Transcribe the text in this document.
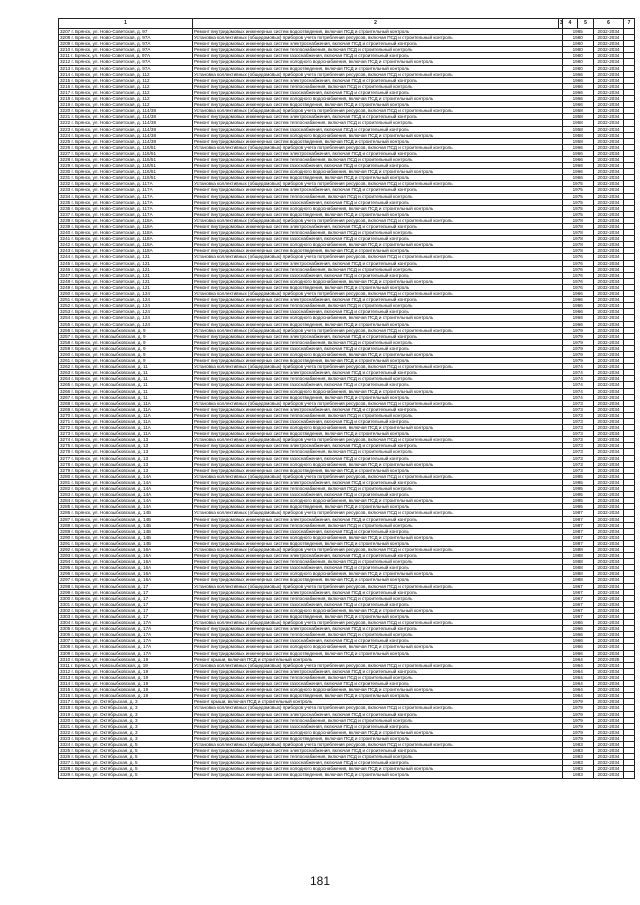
1	2	3	4	5	6	7
3207 г. Брянск, ул. Ново-Советская, д. 97	Ремонт внутридомовых инженерных систем водоотведения, включая ПСД и строительный контроль		1965		2032-2034	
3208 г. Брянск, ул. Ново-Советская, д. 97А	Установка коллективных (общедомовых) приборов учета потребления ресурсов, включая ПСД и строительный контроль		1980		2032-2034	
3209 г. Брянск, ул. Ново-Советская, д. 97А	Ремонт внутридомовых инженерных систем электроснабжения, включая ПСД и строительный контроль		1980		2032-2034	
3210 г. Брянск, ул. Ново-Советская, д. 97А	Ремонт внутридомовых инженерных систем теплоснабжения, включая ПСД и строительный контроль		1980		2032-2034	
3211 г. Брянск, ул. Ново-Советская, д. 97А	Ремонт внутридомовых инженерных систем газоснабжения, включая ПСД и строительный контроль		1980		2032-2034	
3212 г. Брянск, ул. Ново-Советская, д. 97А	Ремонт внутридомовых инженерных систем холодного водоснабжения, включая ПСД и строительный контроль		1980		2032-2034	
3213 г. Брянск, ул. Ново-Советская, д. 97А	Ремонт внутридомовых инженерных систем водоотведения, включая ПСД и строительный контроль		1980		2032-2034	
3214 г. Брянск, ул. Ново-Советская, д. 112	Установка коллективных (общедомовых) приборов учета потребления ресурсов, включая ПСД и строительный контроль		1966		2032-2034	
3215 г. Брянск, ул. Ново-Советская, д. 112	Ремонт внутридомовых инженерных систем электроснабжения, включая ПСД и строительный контроль		1966		2032-2034	
3216 г. Брянск, ул. Ново-Советская, д. 112	Ремонт внутридомовых инженерных систем теплоснабжения, включая ПСД и строительный контроль		1966		2032-2034	
3217 г. Брянск, ул. Ново-Советская, д. 112	Ремонт внутридомовых инженерных систем газоснабжения, включая ПСД и строительный контроль		1966		2032-2034	
3218 г. Брянск, ул. Ново-Советская, д. 112	Ремонт внутридомовых инженерных систем холодного водоснабжения, включая ПСД и строительный контроль		1966		2032-2034	
3219 г. Брянск, ул. Ново-Советская, д. 112	Ремонт внутридомовых инженерных систем водоотведения, включая ПСД и строительный контроль		1966		2032-2034	
3220 г. Брянск, ул. Ново-Советская, д. 114/38	Установка коллективных (общедомовых) приборов учета потребления ресурсов, включая ПСД и строительный контроль		1958		2032-2034	
3221 г. Брянск, ул. Ново-Советская, д. 114/38	Ремонт внутридомовых инженерных систем электроснабжения, включая ПСД и строительный контроль		1958		2032-2034	
3222 г. Брянск, ул. Ново-Советская, д. 114/38	Ремонт внутридомовых инженерных систем теплоснабжения, включая ПСД и строительный контроль		1958		2032-2034	
3223 г. Брянск, ул. Ново-Советская, д. 114/38	Ремонт внутридомовых инженерных систем газоснабжения, включая ПСД и строительный контроль		1958		2032-2034	
3224 г. Брянск, ул. Ново-Советская, д. 114/38	Ремонт внутридомовых инженерных систем холодного водоснабжения, включая ПСД и строительный контроль		1958		2032-2034	
3225 г. Брянск, ул. Ново-Советская, д. 114/38	Ремонт внутридомовых инженерных систем водоотведения, включая ПСД и строительный контроль		1958		2032-2034	
3226 г. Брянск, ул. Ново-Советская, д. 116/51	Установка коллективных (общедомовых) приборов учета потребления ресурсов, включая ПСД и строительный контроль		1966		2032-2034	
3227 г. Брянск, ул. Ново-Советская, д. 116/51	Ремонт внутридомовых инженерных систем электроснабжения, включая ПСД и строительный контроль		1966		2032-2034	
3228 г. Брянск, ул. Ново-Советская, д. 116/51	Ремонт внутридомовых инженерных систем теплоснабжения, включая ПСД и строительный контроль		1966		2032-2034	
3229 г. Брянск, ул. Ново-Советская, д. 116/51	Ремонт внутридомовых инженерных систем газоснабжения, включая ПСД и строительный контроль		1966		2032-2034	
3230 г. Брянск, ул. Ново-Советская, д. 116/51	Ремонт внутридомовых инженерных систем холодного водоснабжения, включая ПСД и строительный контроль		1966		2032-2034	
3231 г. Брянск, ул. Ново-Советская, д. 116/51	Ремонт внутридомовых инженерных систем водоотведения, включая ПСД и строительный контроль		1966		2032-2034	
3232 г. Брянск, ул. Ново-Советская, д. 117А	Установка коллективных (общедомовых) приборов учета потребления ресурсов, включая ПСД и строительный контроль		1975		2032-2034	
3233 г. Брянск, ул. Ново-Советская, д. 117А	Ремонт внутридомовых инженерных систем электроснабжения, включая ПСД и строительный контроль		1975		2032-2034	
3234 г. Брянск, ул. Ново-Советская, д. 117А	Ремонт внутридомовых инженерных систем теплоснабжения, включая ПСД и строительный контроль		1975		2032-2034	
3235 г. Брянск, ул. Ново-Советская, д. 117А	Ремонт внутридомовых инженерных систем газоснабжения, включая ПСД и строительный контроль		1975		2032-2034	
3236 г. Брянск, ул. Ново-Советская, д. 117А	Ремонт внутридомовых инженерных систем холодного водоснабжения, включая ПСД и строительный контроль		1975		2032-2034	
3237 г. Брянск, ул. Ново-Советская, д. 117А	Ремонт внутридомовых инженерных систем водоотведения, включая ПСД и строительный контроль		1975		2032-2034	
3238 г. Брянск, ул. Ново-Советская, д. 118А	Установка коллективных (общедомовых) приборов учета потребления ресурсов, включая ПСД и строительный контроль		1978		2032-2034	
3239 г. Брянск, ул. Ново-Советская, д. 118А	Ремонт внутридомовых инженерных систем электроснабжения, включая ПСД и строительный контроль		1978		2032-2034	
3240 г. Брянск, ул. Ново-Советская, д. 118А	Ремонт внутридомовых инженерных систем теплоснабжения, включая ПСД и строительный контроль		1978		2032-2034	
3241 г. Брянск, ул. Ново-Советская, д. 118А	Ремонт внутридомовых инженерных систем газоснабжения, включая ПСД и строительный контроль		1978		2032-2034	
3242 г. Брянск, ул. Ново-Советская, д. 118А	Ремонт внутридомовых инженерных систем холодного водоснабжения, включая ПСД и строительный контроль		1978		2032-2034	
3243 г. Брянск, ул. Ново-Советская, д. 118А	Ремонт внутридомовых инженерных систем водоотведения, включая ПСД и строительный контроль		1978		2032-2034	
3244 г. Брянск, ул. Ново-Советская, д. 121	Установка коллективных (общедомовых) приборов учета потребления ресурсов, включая ПСД и строительный контроль		1976		2032-2034	
3245 г. Брянск, ул. Ново-Советская, д. 121	Ремонт внутридомовых инженерных систем электроснабжения, включая ПСД и строительный контроль		1976		2032-2034	
3246 г. Брянск, ул. Ново-Советская, д. 121	Ремонт внутридомовых инженерных систем теплоснабжения, включая ПСД и строительный контроль		1976		2032-2034	
3247 г. Брянск, ул. Ново-Советская, д. 121	Ремонт внутридомовых инженерных систем газоснабжения, включая ПСД и строительный контроль		1976		2032-2034	
3248 г. Брянск, ул. Ново-Советская, д. 121	Ремонт внутридомовых инженерных систем холодного водоснабжения, включая ПСД и строительный контроль		1976		2032-2034	
3249 г. Брянск, ул. Ново-Советская, д. 121	Ремонт внутридомовых инженерных систем водоотведения, включая ПСД и строительный контроль		1976		2032-2034	
3250 г. Брянск, ул. Ново-Советская, д. 124	Установка коллективных (общедомовых) приборов учета потребления ресурсов, включая ПСД и строительный контроль		1966		2032-2034	
3251 г. Брянск, ул. Ново-Советская, д. 124	Ремонт внутридомовых инженерных систем электроснабжения, включая ПСД и строительный контроль		1966		2032-2034	
3252 г. Брянск, ул. Ново-Советская, д. 124	Ремонт внутридомовых инженерных систем теплоснабжения, включая ПСД и строительный контроль		1966		2032-2034	
3253 г. Брянск, ул. Ново-Советская, д. 124	Ремонт внутридомовых инженерных систем газоснабжения, включая ПСД и строительный контроль		1966		2032-2034	
3254 г. Брянск, ул. Ново-Советская, д. 124	Ремонт внутридомовых инженерных систем холодного водоснабжения, включая ПСД и строительный контроль		1966		2032-2034	
3255 г. Брянск, ул. Ново-Советская, д. 124	Ремонт внутридомовых инженерных систем водоотведения, включая ПСД и строительный контроль		1966		2032-2034	
3256 г. Брянск, ул. Новозыбковская, д. 9	Установка коллективных (общедомовых) приборов учета потребления ресурсов, включая ПСД и строительный контроль		1979		2032-2034	
3257 г. Брянск, ул. Новозыбковская, д. 9	Ремонт внутридомовых инженерных систем электроснабжения, включая ПСД и строительный контроль		1979		2032-2034	
3258 г. Брянск, ул. Новозыбковская, д. 9	Ремонт внутридомовых инженерных систем теплоснабжения, включая ПСД и строительный контроль		1979		2032-2034	
3259 г. Брянск, ул. Новозыбковская, д. 9	Ремонт внутридомовых инженерных систем газоснабжения, включая ПСД и строительный контроль		1979		2032-2034	
3260 г. Брянск, ул. Новозыбковская, д. 9	Ремонт внутридомовых инженерных систем холодного водоснабжения, включая ПСД и строительный контроль		1979		2032-2034	
3261 г. Брянск, ул. Новозыбковская, д. 9	Ремонт внутридомовых инженерных систем водоотведения, включая ПСД и строительный контроль		1979		2032-2034	
3262 г. Брянск, ул. Новозыбковская, д. 11	Установка коллективных (общедомовых) приборов учета потребления ресурсов, включая ПСД и строительный контроль		1974		2032-2034	
3263 г. Брянск, ул. Новозыбковская, д. 11	Ремонт внутридомовых инженерных систем электроснабжения, включая ПСД и строительный контроль		1974		2032-2034	
3264 г. Брянск, ул. Новозыбковская, д. 11	Ремонт внутридомовых инженерных систем теплоснабжения, включая ПСД и строительный контроль		1974		2032-2034	
3265 г. Брянск, ул. Новозыбковская, д. 11	Ремонт внутридомовых инженерных систем газоснабжения, включая ПСД и строительный контроль		1974		2032-2034	
3266 г. Брянск, ул. Новозыбковская, д. 11	Ремонт внутридомовых инженерных систем холодного водоснабжения, включая ПСД и строительный контроль		1974		2032-2034	
3267 г. Брянск, ул. Новозыбковская, д. 11	Ремонт внутридомовых инженерных систем водоотведения, включая ПСД и строительный контроль		1974		2032-2034	
3268 г. Брянск, ул. Новозыбковская, д. 11А	Установка коллективных (общедомовых) приборов учета потребления ресурсов, включая ПСД и строительный контроль		1973		2032-2034	
3269 г. Брянск, ул. Новозыбковская, д. 11А	Ремонт внутридомовых инженерных систем электроснабжения, включая ПСД и строительный контроль		1973		2032-2034	
3270 г. Брянск, ул. Новозыбковская, д. 11А	Ремонт внутридомовых инженерных систем теплоснабжения, включая ПСД и строительный контроль		1973		2032-2034	
3271 г. Брянск, ул. Новозыбковская, д. 11А	Ремонт внутридомовых инженерных систем газоснабжения, включая ПСД и строительный контроль		1973		2032-2034	
3272 г. Брянск, ул. Новозыбковская, д. 11А	Ремонт внутридомовых инженерных систем холодного водоснабжения, включая ПСД и строительный контроль		1973		2032-2034	
3273 г. Брянск, ул. Новозыбковская, д. 11А	Ремонт внутридомовых инженерных систем водоотведения, включая ПСД и строительный контроль		1973		2032-2034	
3274 г. Брянск, ул. Новозыбковская, д. 13	Установка коллективных (общедомовых) приборов учета потребления ресурсов, включая ПСД и строительный контроль		1973		2032-2034	
3275 г. Брянск, ул. Новозыбковская, д. 13	Ремонт внутридомовых инженерных систем электроснабжения, включая ПСД и строительный контроль		1973		2032-2034	
3276 г. Брянск, ул. Новозыбковская, д. 13	Ремонт внутридомовых инженерных систем теплоснабжения, включая ПСД и строительный контроль		1973		2032-2034	
3277 г. Брянск, ул. Новозыбковская, д. 13	Ремонт внутридомовых инженерных систем газоснабжения, включая ПСД и строительный контроль		1973		2032-2034	
3278 г. Брянск, ул. Новозыбковская, д. 13	Ремонт внутридомовых инженерных систем холодного водоснабжения, включая ПСД и строительный контроль		1973		2032-2034	
3279 г. Брянск, ул. Новозыбковская, д. 13	Ремонт внутридомовых инженерных систем водоотведения, включая ПСД и строительный контроль		1973		2032-2034	
3280 г. Брянск, ул. Новозыбковская, д. 14А	Установка коллективных (общедомовых) приборов учета потребления ресурсов, включая ПСД и строительный контроль		1995		2032-2034	
3281 г. Брянск, ул. Новозыбковская, д. 14А	Ремонт внутридомовых инженерных систем электроснабжения, включая ПСД и строительный контроль		1995		2032-2034	
3282 г. Брянск, ул. Новозыбковская, д. 14А	Ремонт внутридомовых инженерных систем теплоснабжения, включая ПСД и строительный контроль		1995		2032-2034	
3283 г. Брянск, ул. Новозыбковская, д. 14А	Ремонт внутридомовых инженерных систем газоснабжения, включая ПСД и строительный контроль		1995		2032-2034	
3284 г. Брянск, ул. Новозыбковская, д. 14А	Ремонт внутридомовых инженерных систем холодного водоснабжения, включая ПСД и строительный контроль		1995		2032-2034	
3285 г. Брянск, ул. Новозыбковская, д. 14А	Ремонт внутридомовых инженерных систем водоотведения, включая ПСД и строительный контроль		1995		2032-2034	
3286 г. Брянск, ул. Новозыбковская, д. 14Б	Установка коллективных (общедомовых) приборов учета потребления ресурсов, включая ПСД и строительный контроль		1987		2032-2034	
3287 г. Брянск, ул. Новозыбковская, д. 14Б	Ремонт внутридомовых инженерных систем электроснабжения, включая ПСД и строительный контроль		1987		2032-2034	
3288 г. Брянск, ул. Новозыбковская, д. 14Б	Ремонт внутридомовых инженерных систем теплоснабжения, включая ПСД и строительный контроль		1987		2032-2034	
3289 г. Брянск, ул. Новозыбковская, д. 14Б	Ремонт внутридомовых инженерных систем газоснабжения, включая ПСД и строительный контроль		1987		2032-2034	
3290 г. Брянск, ул. Новозыбковская, д. 14Б	Ремонт внутридомовых инженерных систем холодного водоснабжения, включая ПСД и строительный контроль		1987		2032-2034	
3291 г. Брянск, ул. Новозыбковская, д. 14Б	Ремонт внутридомовых инженерных систем водоотведения, включая ПСД и строительный контроль		1987		2032-2034	
3292 г. Брянск, ул. Новозыбковская, д. 16А	Установка коллективных (общедомовых) приборов учета потребления ресурсов, включая ПСД и строительный контроль		1988		2032-2034	
3293 г. Брянск, ул. Новозыбковская, д. 16А	Ремонт внутридомовых инженерных систем электроснабжения, включая ПСД и строительный контроль		1988		2032-2034	
3294 г. Брянск, ул. Новозыбковская, д. 16А	Ремонт внутридомовых инженерных систем теплоснабжения, включая ПСД и строительный контроль		1988		2032-2034	
3295 г. Брянск, ул. Новозыбковская, д. 16А	Ремонт внутридомовых инженерных систем газоснабжения, включая ПСД и строительный контроль		1988		2032-2034	
3296 г. Брянск, ул. Новозыбковская, д. 16А	Ремонт внутридомовых инженерных систем холодного водоснабжения, включая ПСД и строительный контроль		1988		2032-2034	
3297 г. Брянск, ул. Новозыбковская, д. 16А	Ремонт внутридомовых инженерных систем водоотведения, включая ПСД и строительный контроль		1988		2032-2034	
3298 г. Брянск, ул. Новозыбковская, д. 17	Установка коллективных (общедомовых) приборов учета потребления ресурсов, включая ПСД и строительный контроль		1967		2032-2034	
3299 г. Брянск, ул. Новозыбковская, д. 17	Ремонт внутридомовых инженерных систем электроснабжения, включая ПСД и строительный контроль		1967		2032-2034	
3300 г. Брянск, ул. Новозыбковская, д. 17	Ремонт внутридомовых инженерных систем теплоснабжения, включая ПСД и строительный контроль		1967		2032-2034	
3301 г. Брянск, ул. Новозыбковская, д. 17	Ремонт внутридомовых инженерных систем газоснабжения, включая ПСД и строительный контроль		1967		2032-2034	
3302 г. Брянск, ул. Новозыбковская, д. 17	Ремонт внутридомовых инженерных систем холодного водоснабжения, включая ПСД и строительный контроль		1967		2032-2034	
3303 г. Брянск, ул. Новозыбковская, д. 17	Ремонт внутридомовых инженерных систем водоотведения, включая ПСД и строительный контроль		1967		2032-2034	
3304 г. Брянск, ул. Новозыбковская, д. 17А	Установка коллективных (общедомовых) приборов учета потребления ресурсов, включая ПСД и строительный контроль		1966		2032-2034	
3305 г. Брянск, ул. Новозыбковская, д. 17А	Ремонт внутридомовых инженерных систем электроснабжения, включая ПСД и строительный контроль		1966		2032-2034	
3306 г. Брянск, ул. Новозыбковская, д. 17А	Ремонт внутридомовых инженерных систем теплоснабжения, включая ПСД и строительный контроль		1966		2032-2034	
3307 г. Брянск, ул. Новозыбковская, д. 17А	Ремонт внутридомовых инженерных систем газоснабжения, включая ПСД и строительный контроль		1966		2032-2034	
3308 г. Брянск, ул. Новозыбковская, д. 17А	Ремонт внутридомовых инженерных систем холодного водоснабжения, включая ПСД и строительный контроль		1966		2032-2034	
3309 г. Брянск, ул. Новозыбковская, д. 17А	Ремонт внутридомовых инженерных систем водоотведения, включая ПСД и строительный контроль		1966		2032-2034	
3310 г. Брянск, ул. Новозыбковская, д. 19	Ремонт крыши, включая ПСД и строительный контроль		1964		2023-2025	
3311 г. Брянск, ул. Новозыбковская, д. 19	Установка коллективных (общедомовых) приборов учета потребления ресурсов, включая ПСД и строительный контроль		1964		2032-2034	
3312 г. Брянск, ул. Новозыбковская, д. 19	Ремонт внутридомовых инженерных систем электроснабжения, включая ПСД и строительный контроль		1964		2032-2034	
3313 г. Брянск, ул. Новозыбковская, д. 19	Ремонт внутридомовых инженерных систем теплоснабжения, включая ПСД и строительный контроль		1964		2032-2034	
3314 г. Брянск, ул. Новозыбковская, д. 19	Ремонт внутридомовых инженерных систем газоснабжения, включая ПСД и строительный контроль		1964		2032-2034	
3315 г. Брянск, ул. Новозыбковская, д. 19	Ремонт внутридомовых инженерных систем холодного водоснабжения, включая ПСД и строительный контроль		1964		2032-2034	
3316 г. Брянск, ул. Новозыбковская, д. 19	Ремонт внутридомовых инженерных систем водоотведения, включая ПСД и строительный контроль		1964		2032-2034	
3317 г. Брянск, ул. Октябрьская, д. 3	Ремонт крыши, включая ПСД и строительный контроль		1979		2032-2034	
3318 г. Брянск, ул. Октябрьская, д. 3	Установка коллективных (общедомовых) приборов учета потребления ресурсов, включая ПСД и строительный контроль		1979		2032-2034	
3319 г. Брянск, ул. Октябрьская, д. 3	Ремонт внутридомовых инженерных систем электроснабжения, включая ПСД и строительный контроль		1979		2032-2034	
3320 г. Брянск, ул. Октябрьская, д. 3	Ремонт внутридомовых инженерных систем теплоснабжения, включая ПСД и строительный контроль		1979		2032-2034	
3321 г. Брянск, ул. Октябрьская, д. 3	Ремонт внутридомовых инженерных систем газоснабжения, включая ПСД и строительный контроль		1979		2032-2034	
3322 г. Брянск, ул. Октябрьская, д. 3	Ремонт внутридомовых инженерных систем холодного водоснабжения, включая ПСД и строительный контроль		1979		2032-2034	
3323 г. Брянск, ул. Октябрьская, д. 3	Ремонт внутридомовых инженерных систем водоотведения, включая ПСД и строительный контроль		1979		2032-2034	
3324 г. Брянск, ул. Октябрьская, д. 5	Установка коллективных (общедомовых) приборов учета потребления ресурсов, включая ПСД и строительный контроль		1983		2032-2034	
3325 г. Брянск, ул. Октябрьская, д. 5	Ремонт внутридомовых инженерных систем электроснабжения, включая ПСД и строительный контроль		1983		2032-2034	
3326 г. Брянск, ул. Октябрьская, д. 5	Ремонт внутридомовых инженерных систем теплоснабжения, включая ПСД и строительный контроль		1983		2032-2034	
3327 г. Брянск, ул. Октябрьская, д. 5	Ремонт внутридомовых инженерных систем газоснабжения, включая ПСД и строительный контроль		1983		2032-2034	
3328 г. Брянск, ул. Октябрьская, д. 5	Ремонт внутридомовых инженерных систем холодного водоснабжения, включая ПСД и строительный контроль		1983		2032-2034	
3329 г. Брянск, ул. Октябрьская, д. 5	Ремонт внутридомовых инженерных систем водоотведения, включая ПСД и строительный контроль		1983		2032-2034	
181
